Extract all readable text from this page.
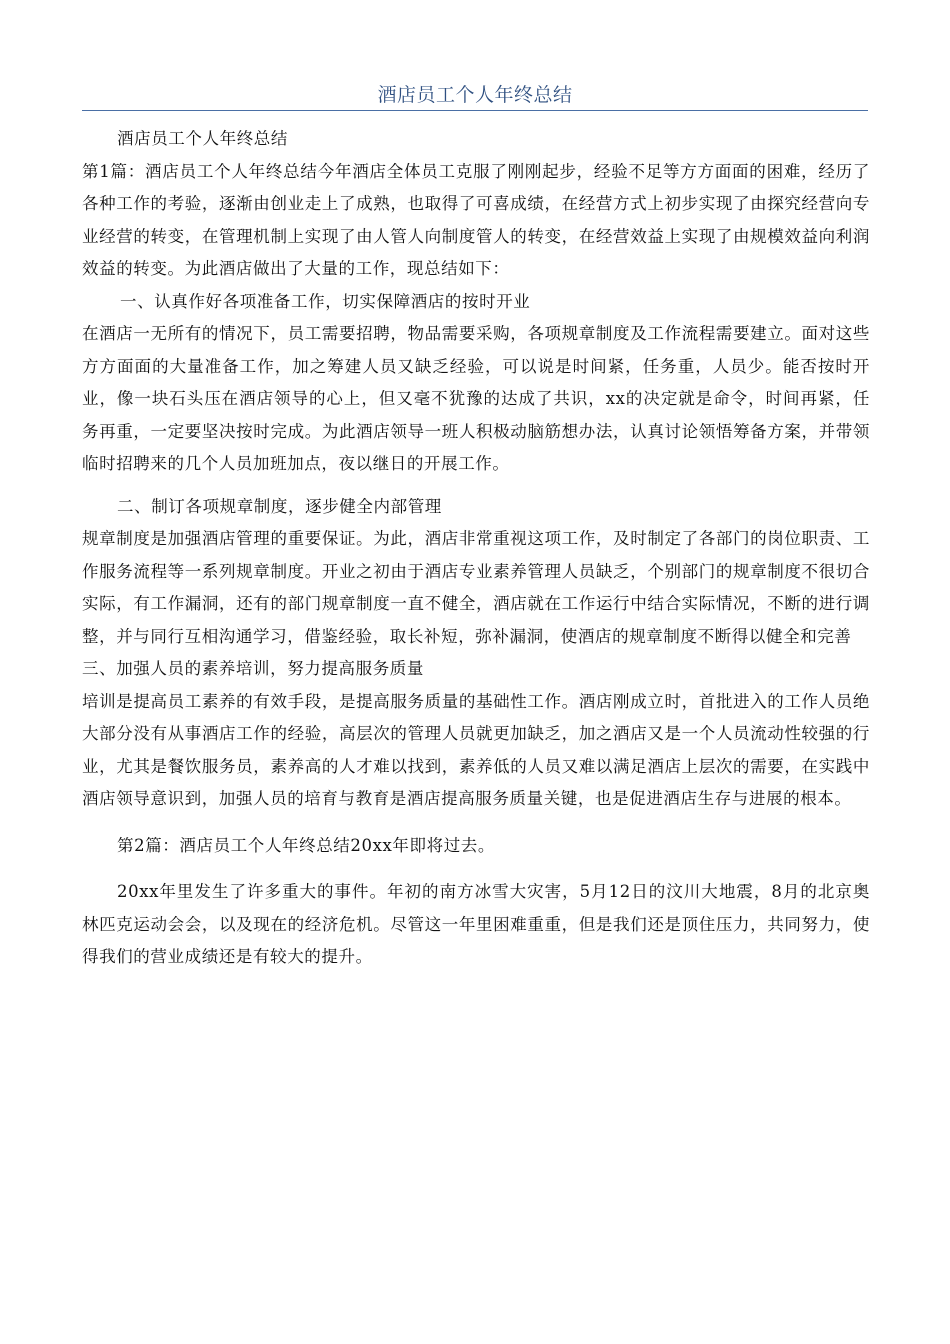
酒店员工个人年终总结

酒店员工个人年终总结

第1篇：酒店员工个人年终总结今年酒店全体员工克服了刚刚起步，经验不足等方方面面的困难，经历了各种工作的考验，逐渐由创业走上了成熟，也取得了可喜成绩，在经营方式上初步实现了由探究经营向专业经营的转变，在管理机制上实现了由人管人向制度管人的转变，在经营效益上实现了由规模效益向利润效益的转变。为此酒店做出了大量的工作，现总结如下：

一、认真作好各项准备工作，切实保障酒店的按时开业

在酒店一无所有的情况下，员工需要招聘，物品需要采购，各项规章制度及工作流程需要建立。面对这些方方面面的大量准备工作，加之筹建人员又缺乏经验，可以说是时间紧，任务重，人员少。能否按时开业，像一块石头压在酒店领导的心上，但又毫不犹豫的达成了共识，xx的决定就是命令，时间再紧，任务再重，一定要坚决按时完成。为此酒店领导一班人积极动脑筋想办法，认真讨论领悟筹备方案，并带领临时招聘来的几个人员加班加点，夜以继日的开展工作。

二、制订各项规章制度，逐步健全内部管理

规章制度是加强酒店管理的重要保证。为此，酒店非常重视这项工作，及时制定了各部门的岗位职责、工作服务流程等一系列规章制度。开业之初由于酒店专业素养管理人员缺乏，个别部门的规章制度不很切合实际，有工作漏洞，还有的部门规章制度一直不健全，酒店就在工作运行中结合实际情况，不断的进行调整，并与同行互相沟通学习，借鉴经验，取长补短，弥补漏洞，使酒店的规章制度不断得以健全和完善

三、加强人员的素养培训，努力提高服务质量

培训是提高员工素养的有效手段，是提高服务质量的基础性工作。酒店刚成立时，首批进入的工作人员绝大部分没有从事酒店工作的经验，高层次的管理人员就更加缺乏，加之酒店又是一个人员流动性较强的行业，尤其是餐饮服务员，素养高的人才难以找到，素养低的人员又难以满足酒店上层次的需要，在实践中酒店领导意识到，加强人员的培育与教育是酒店提高服务质量关键，也是促进酒店生存与进展的根本。

第2篇：酒店员工个人年终总结20xx年即将过去。

20xx年里发生了许多重大的事件。年初的南方冰雪大灾害，5月12日的汶川大地震，8月的北京奥林匹克运动会会，以及现在的经济危机。尽管这一年里困难重重，但是我们还是顶住压力，共同努力，使得我们的营业成绩还是有较大的提升。
